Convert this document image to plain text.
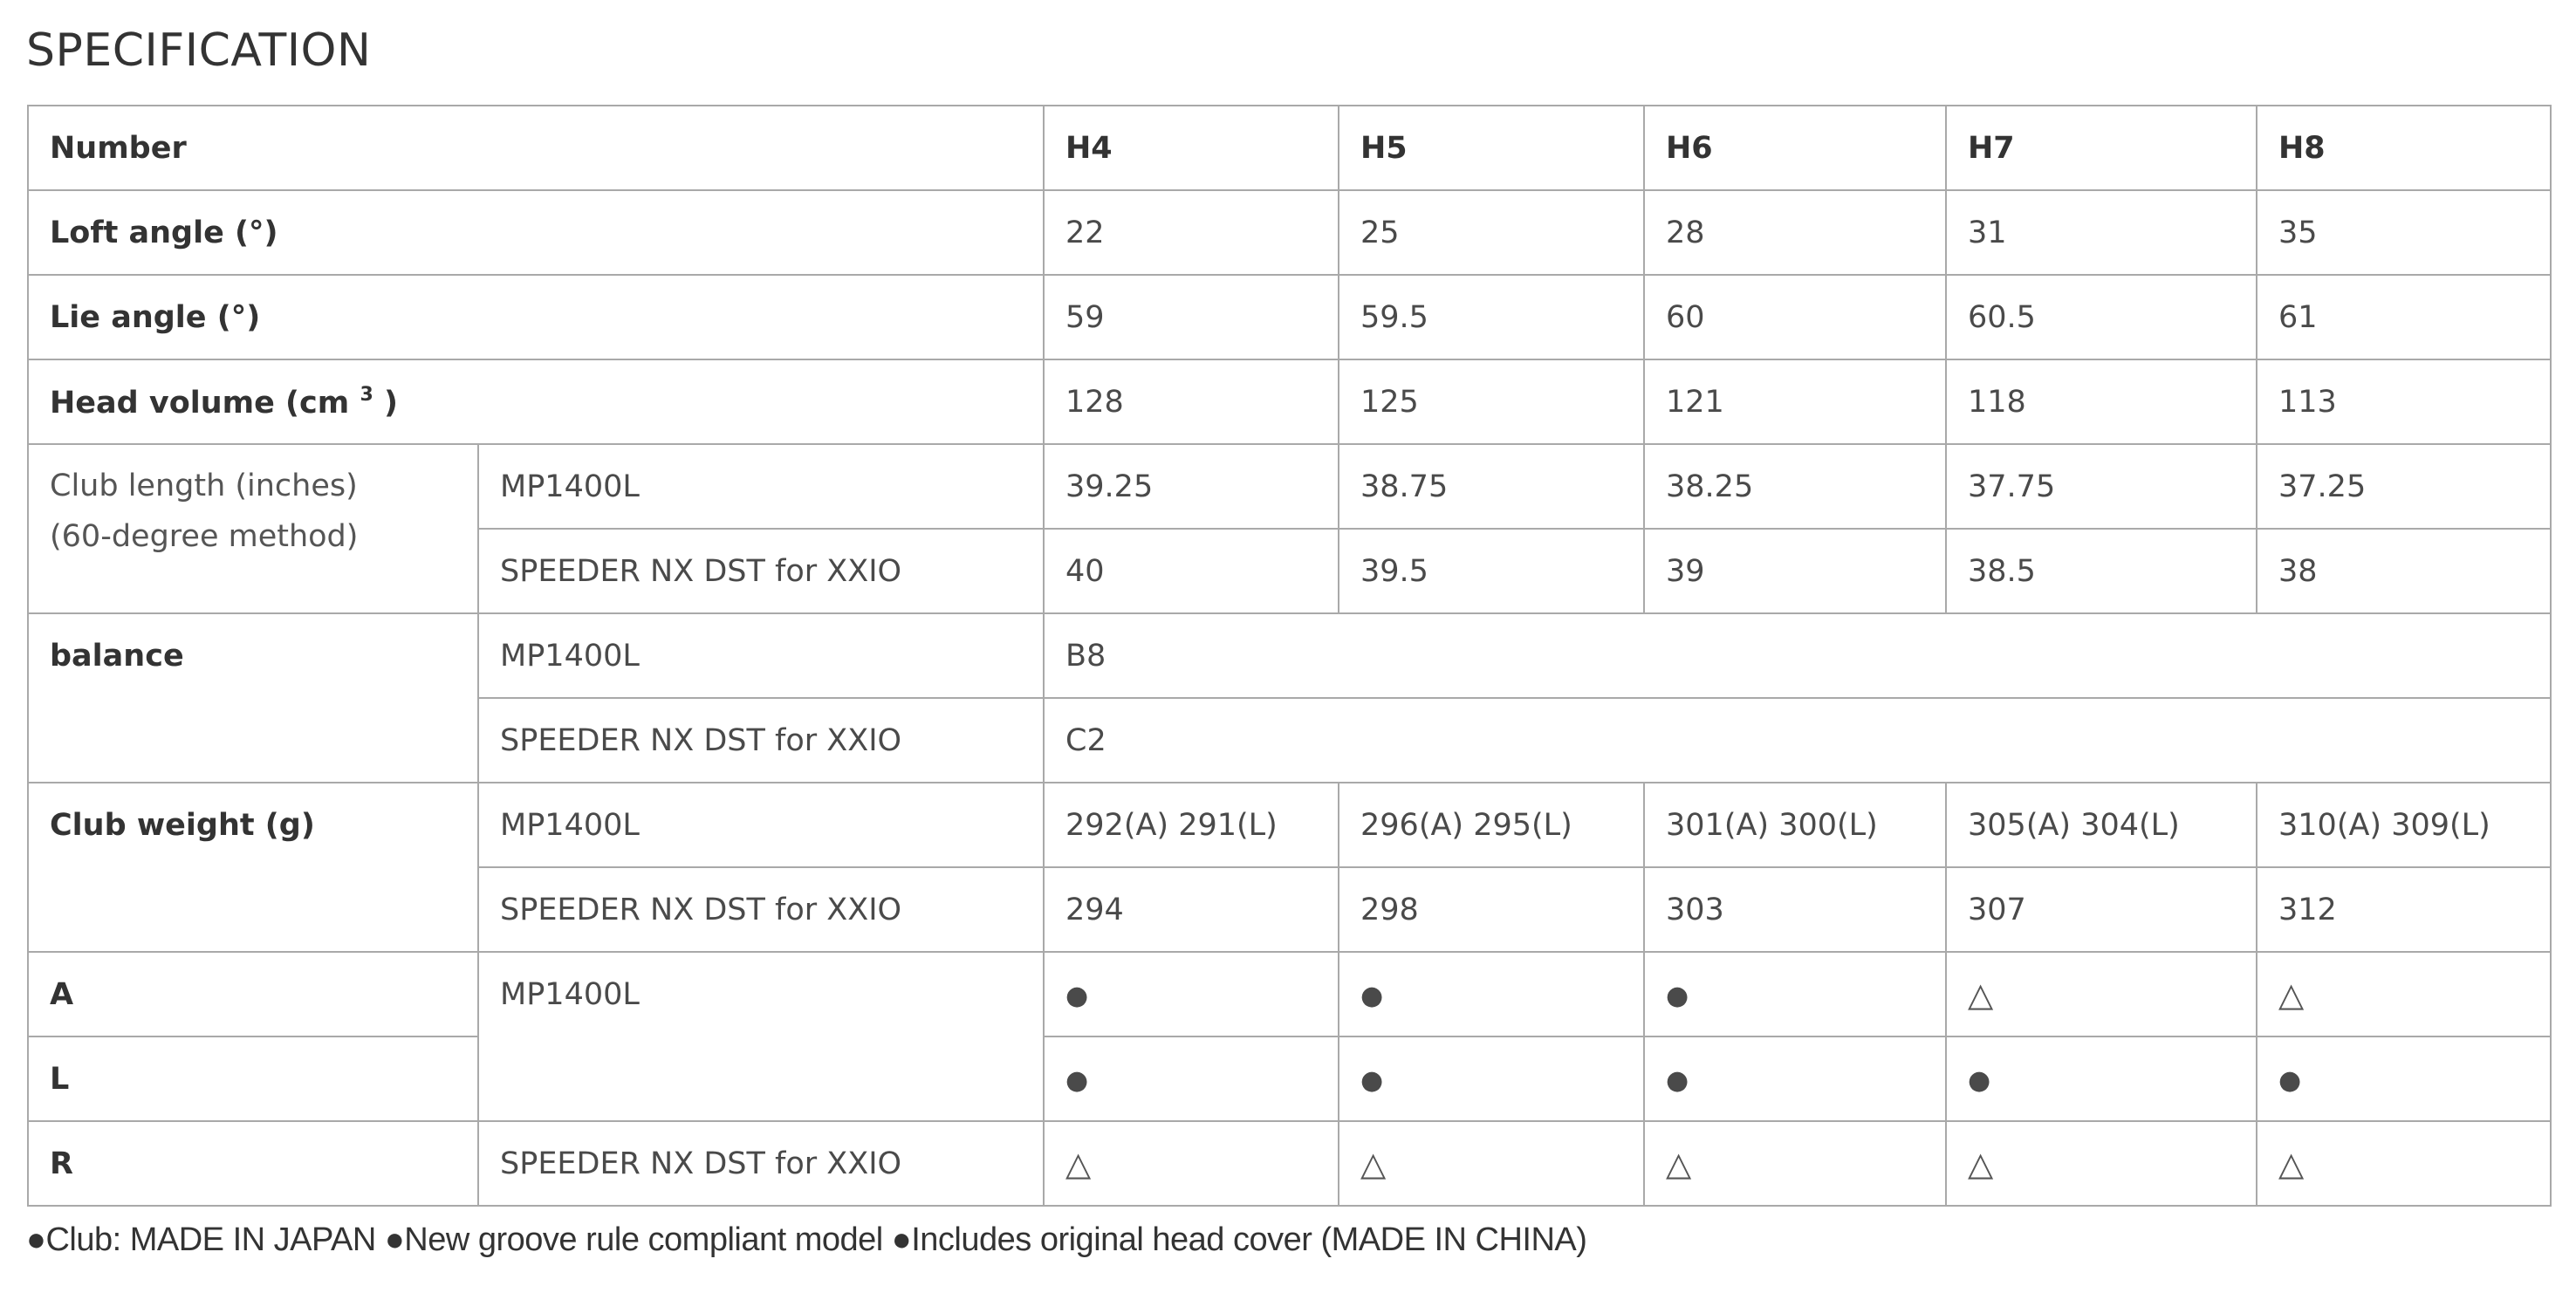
SPECIFICATION
Number		H4	H5	H6	H7	H8
Loft angle (°)		22	25	28	31	35
Lie angle (°)		59	59.5	60	60.5	61
Head volume (cm $^3$ )		128	125	121	118	113

Club length (inches)
(60-degree method)	MP1400L	39.25	38.75	38.25	37.75	37.25
	SPEEDER NX DST for XXIO	40	39.5	39	38.5	38
balance	MP1400L	B8				
	SPEEDER NX DST for XXIO	C2				
Club weight (g)	MP1400L	292(A) 291(L)	296(A) 295(L)	301(A) 300(L)	305(A) 304(L)	310(A) 309(L)
	SPEEDER NX DST for XXIO	294	298	303	307	312
A	MP1400L	●	●	●	△	△
L		●	●	●	●	●
R	SPEEDER NX DST for XXIO	△	△	△	△	△
●Club: MADE IN JAPAN ●New groove rule compliant model ●Includes original head cover (MADE IN CHINA)
